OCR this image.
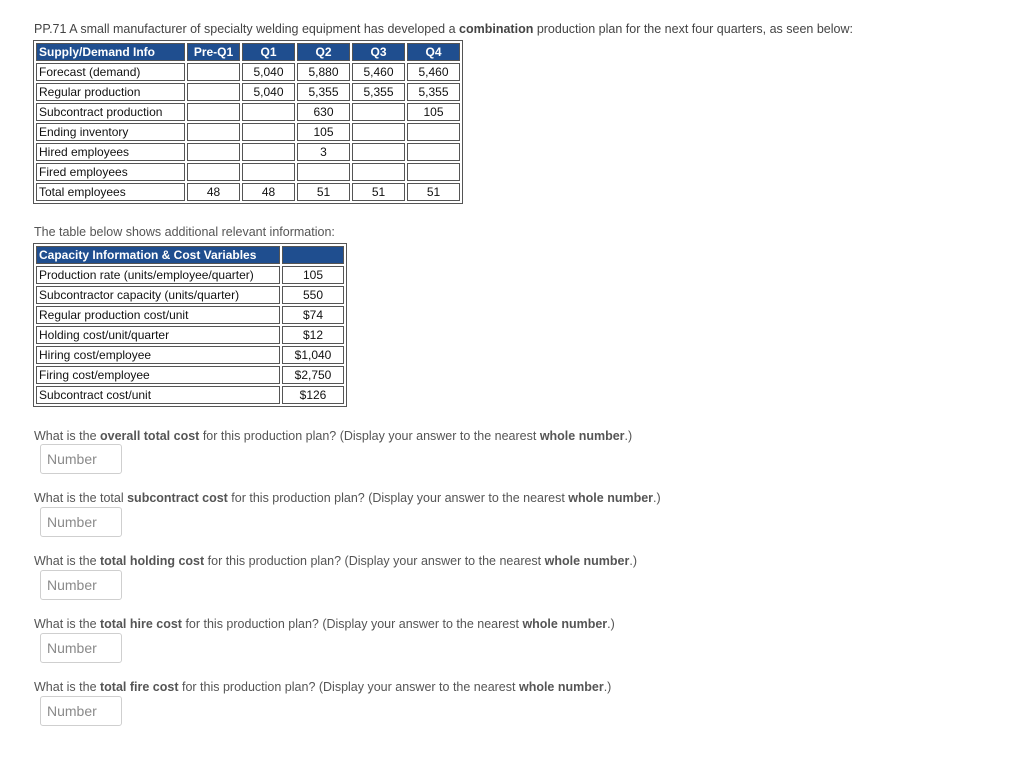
PP.71 A small manufacturer of specialty welding equipment has developed a combination production plan for the next four quarters, as seen below:
Supply/Demand Info	Pre-Q1	Q1	Q2	Q3	Q4
Forecast (demand)		5,040	5,880	5,460	5,460
Regular production		5,040	5,355	5,355	5,355
Subcontract production			630		105
Ending inventory			105		
Hired employees			3		
Fired employees					
Total employees	48	48	51	51	51
The table below shows additional relevant information:
Capacity Information & Cost Variables	
Production rate (units/employee/quarter)	105
Subcontractor capacity (units/quarter)	550
Regular production cost/unit	$74
Holding cost/unit/quarter	$12
Hiring cost/employee	$1,040
Firing cost/employee	$2,750
Subcontract cost/unit	$126
What is the overall total cost for this production plan? (Display your answer to the nearest whole number.)
Number
What is the total subcontract cost for this production plan? (Display your answer to the nearest whole number.)
Number
What is the total holding cost for this production plan? (Display your answer to the nearest whole number.)
Number
What is the total hire cost for this production plan? (Display your answer to the nearest whole number.)
Number
What is the total fire cost for this production plan? (Display your answer to the nearest whole number.)
Number
